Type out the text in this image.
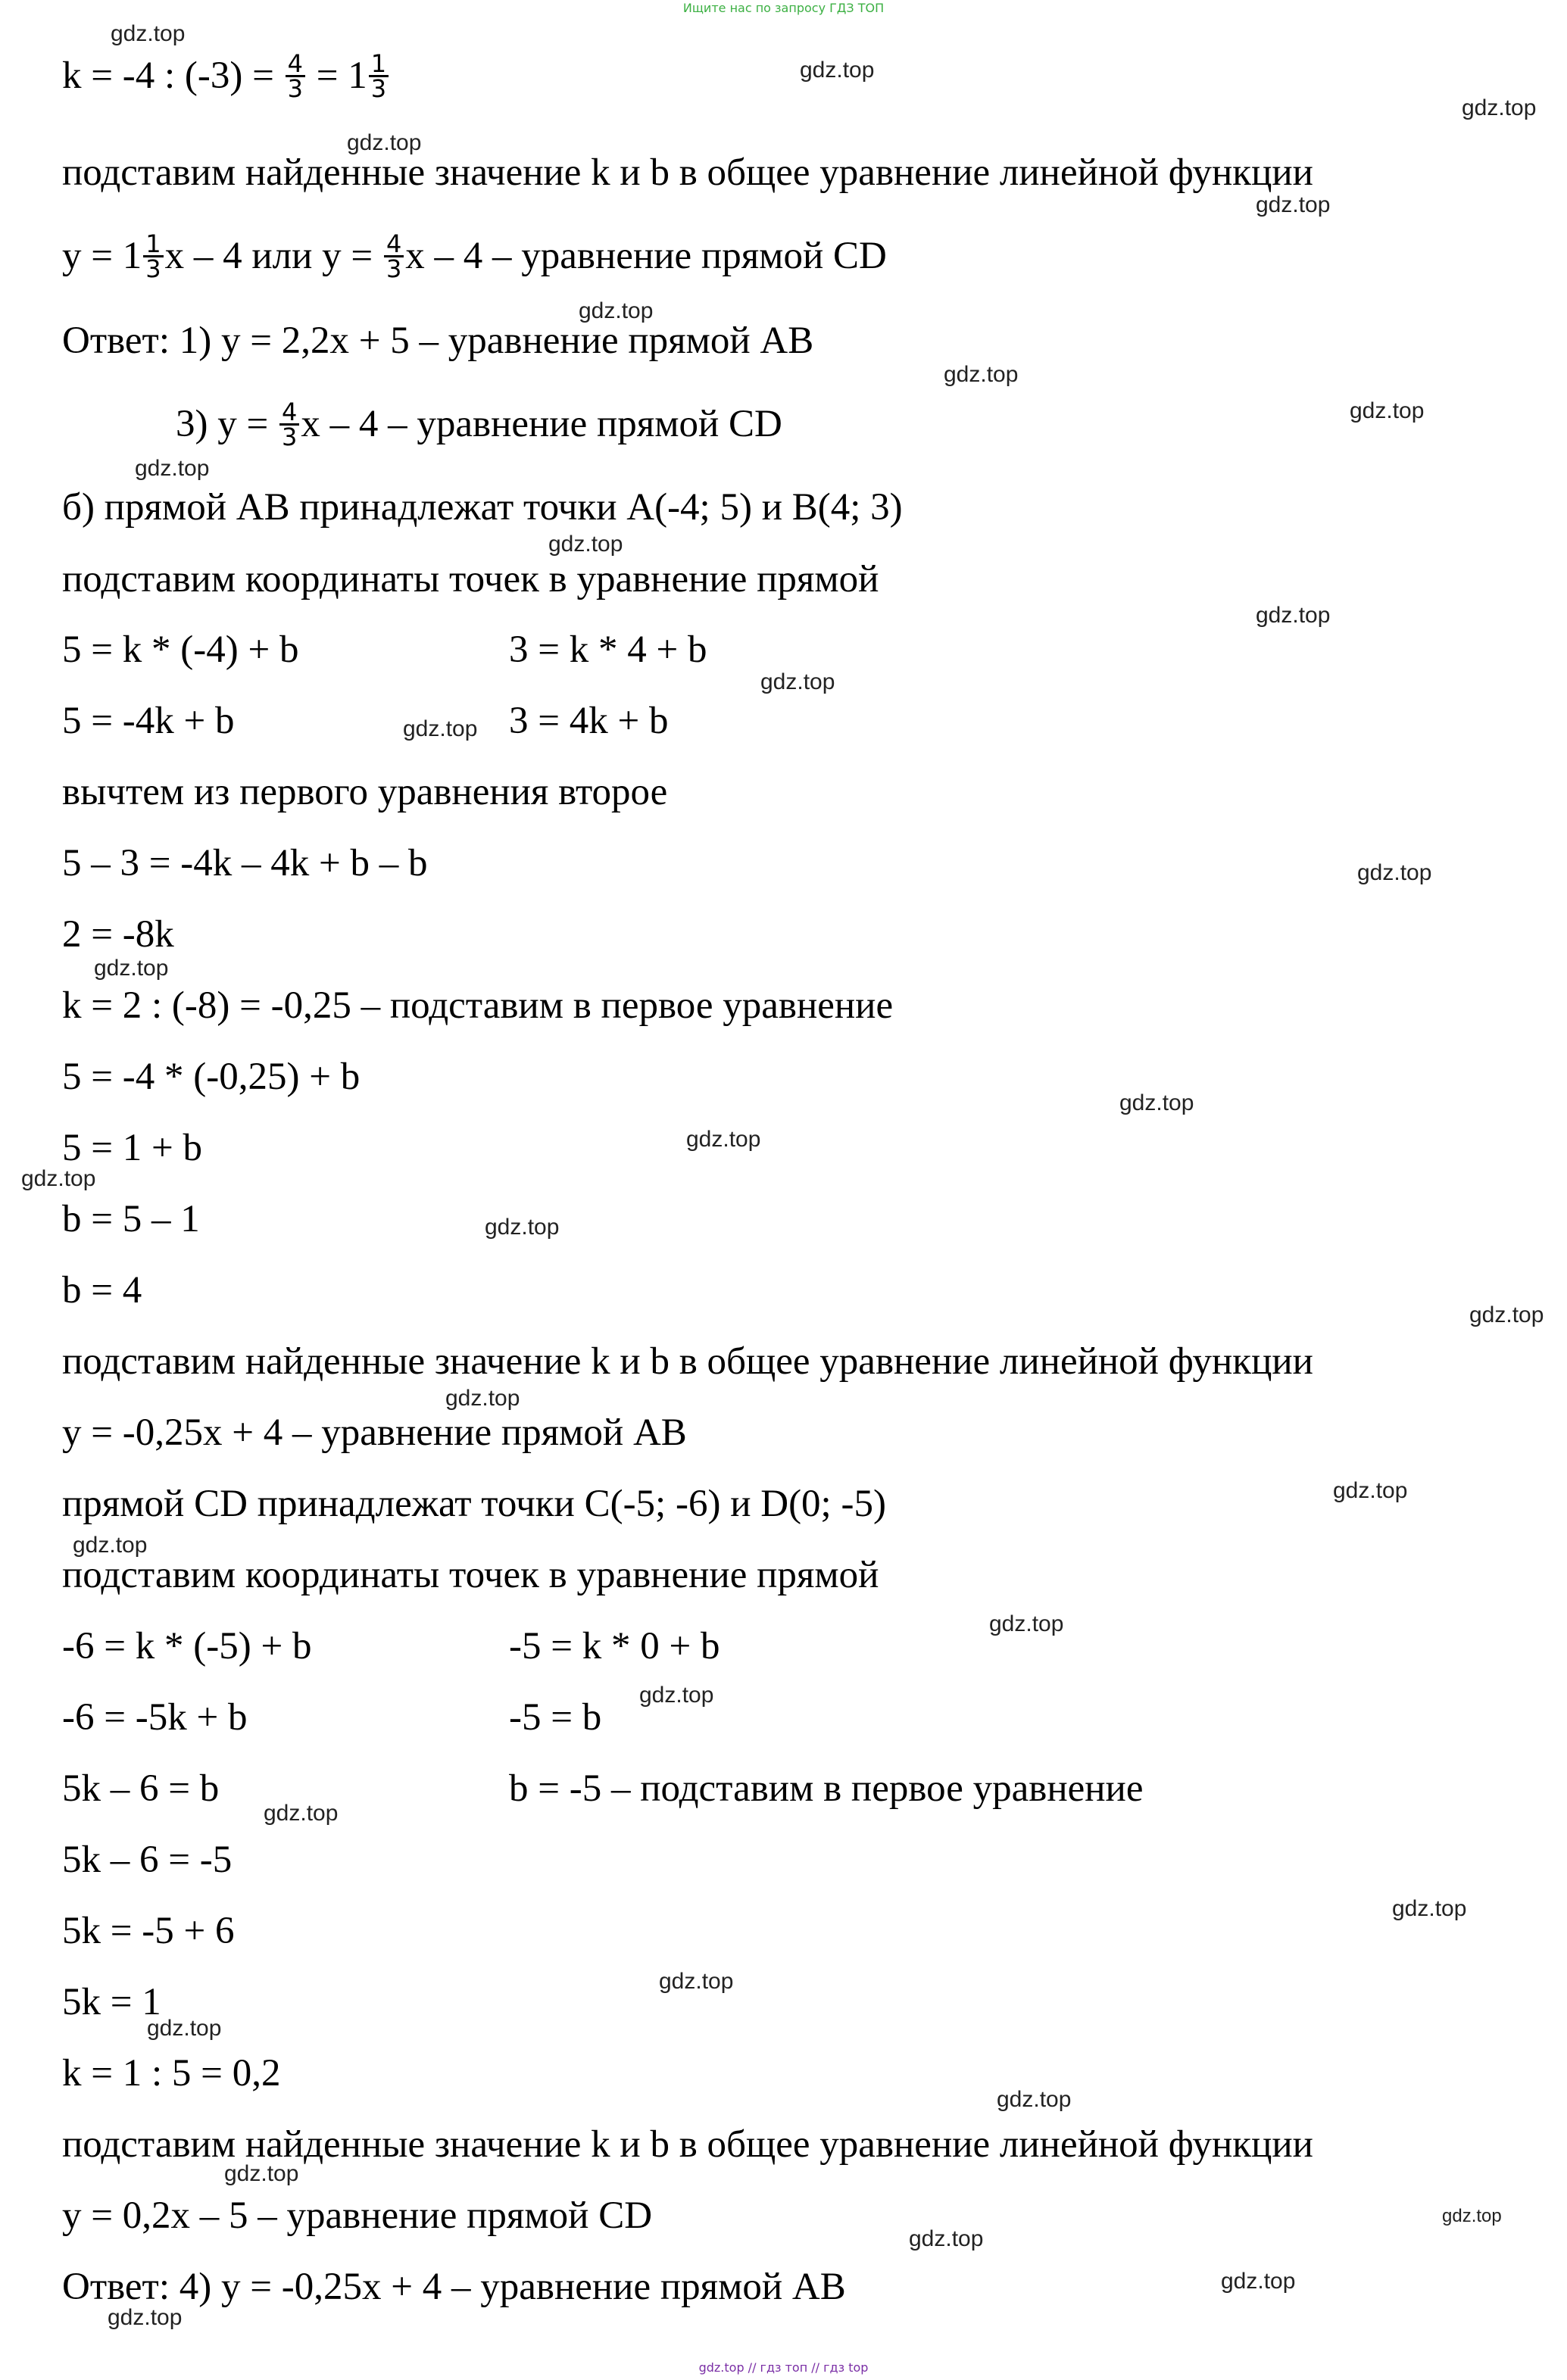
Ищите нас по запросу ГДЗ ТОП
k = -4 : $(-3) = \frac{4}{3} = 1 \frac{1}{3}$
подставим найденные значение k и b в общее уравнение линейной функции
$y = 1 \frac{1}{3}$ x – 4 или $y = \frac{4}{3}$ x – 4 – уравнение прямой CD
Ответ: 1) y = 2,2x + 5 – уравнение прямой AB
3) $y = \frac{4}{3}$ x – 4 – уравнение прямой CD
б) прямой AB принадлежат точки A(-4; 5) и B(4; 3)
подставим координаты точек в уравнение прямой
5 = k * (-4) + b	3 = k * 4 + b
5 = -4k + b	3 = 4k + b
вычтем из первого уравнения второе
5 – 3 = -4k – 4k + b – b
2 = -8k
k = 2 : (-8) = -0,25 – подставим в первое уравнение
5 = -4 * (-0,25) + b
5 = 1 + b
b = 5 – 1
b = 4
подставим найденные значение k и b в общее уравнение линейной функции
y = -0,25x + 4 – уравнение прямой AB
прямой CD принадлежат точки C(-5; -6) и D(0; -5)
подставим координаты точек в уравнение прямой
-6 = k * (-5) + b	-5 = k * 0 + b
-6 = -5k + b	-5 = b
5k – 6 = b	b = -5 – подставим в первое уравнение
5k – 6 = -5
5k = -5 + 6
5k = 1
k = 1 : 5 = 0,2
подставим найденные значение k и b в общее уравнение линейной функции
y = 0,2x – 5 – уравнение прямой CD
Ответ: 4) y = -0,25x + 4 – уравнение прямой AB
gdz.top
gdz.top
gdz.top
gdz.top
gdz.top
gdz.top
gdz.top
gdz.top
gdz.top
gdz.top
gdz.top
gdz.top
gdz.top
gdz.top
gdz.top
gdz.top
gdz.top
gdz.top
gdz.top
gdz.top
gdz.top
gdz.top
gdz.top
gdz.top
gdz.top
gdz.top
gdz.top
gdz.top
gdz.top
gdz.top
gdz.top
gdz.top
gdz.top
gdz.top
gdz.top
gdz.top // гдз топ // гдз top
